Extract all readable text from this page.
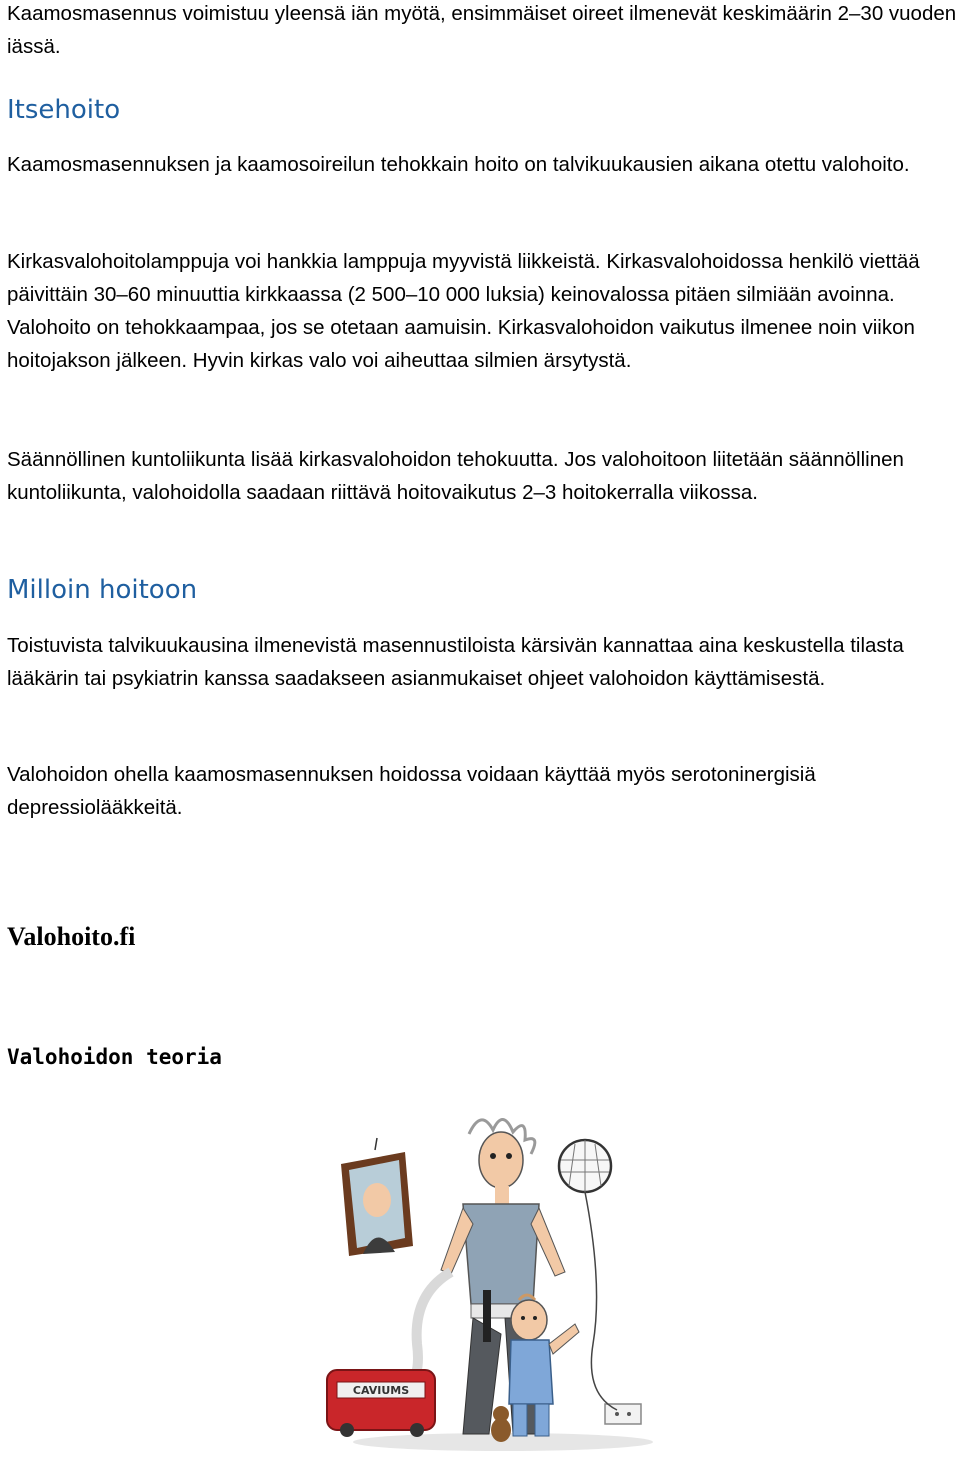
Kaamosmasennus voimistuu yleensä iän myötä, ensimmäiset oireet ilmenevät keskimäärin 2–30 vuoden iässä.

Itsehoito

Kaamosmasennuksen ja kaamosoireilun tehokkain hoito on talvikuukausien aikana otettu valohoito.

Kirkasvalohoitolamppuja voi hankkia lamppuja myyvistä liikkeistä. Kirkasvalohoidossa henkilö viettää päivittäin 30–60 minuuttia kirkkaassa (2 500–10 000 luksia) keinovalossa pitäen silmiään avoinna. Valohoito on tehokkaampaa, jos se otetaan aamuisin. Kirkasvalohoidon vaikutus ilmenee noin viikon hoitojakson jälkeen. Hyvin kirkas valo voi aiheuttaa silmien ärsytystä.

Säännöllinen kuntoliikunta lisää kirkasvalohoidon tehokuutta. Jos valohoitoon liitetään säännöllinen kuntoliikunta, valohoidolla saadaan riittävä hoitovaikutus 2–3 hoitokerralla viikossa.

Milloin hoitoon

Toistuvista talvikuukausina ilmenevistä masennustiloista kärsivän kannattaa aina keskustella tilasta lääkärin tai psykiatrin kanssa saadakseen asianmukaiset ohjeet valohoidon käyttämisestä.

Valohoidon ohella kaamosmasennuksen hoidossa voidaan käyttää myös serotoninergisiä depressiolääkkeitä.

Valohoito.fi
Valohoidon teoria
CAVIUMS
